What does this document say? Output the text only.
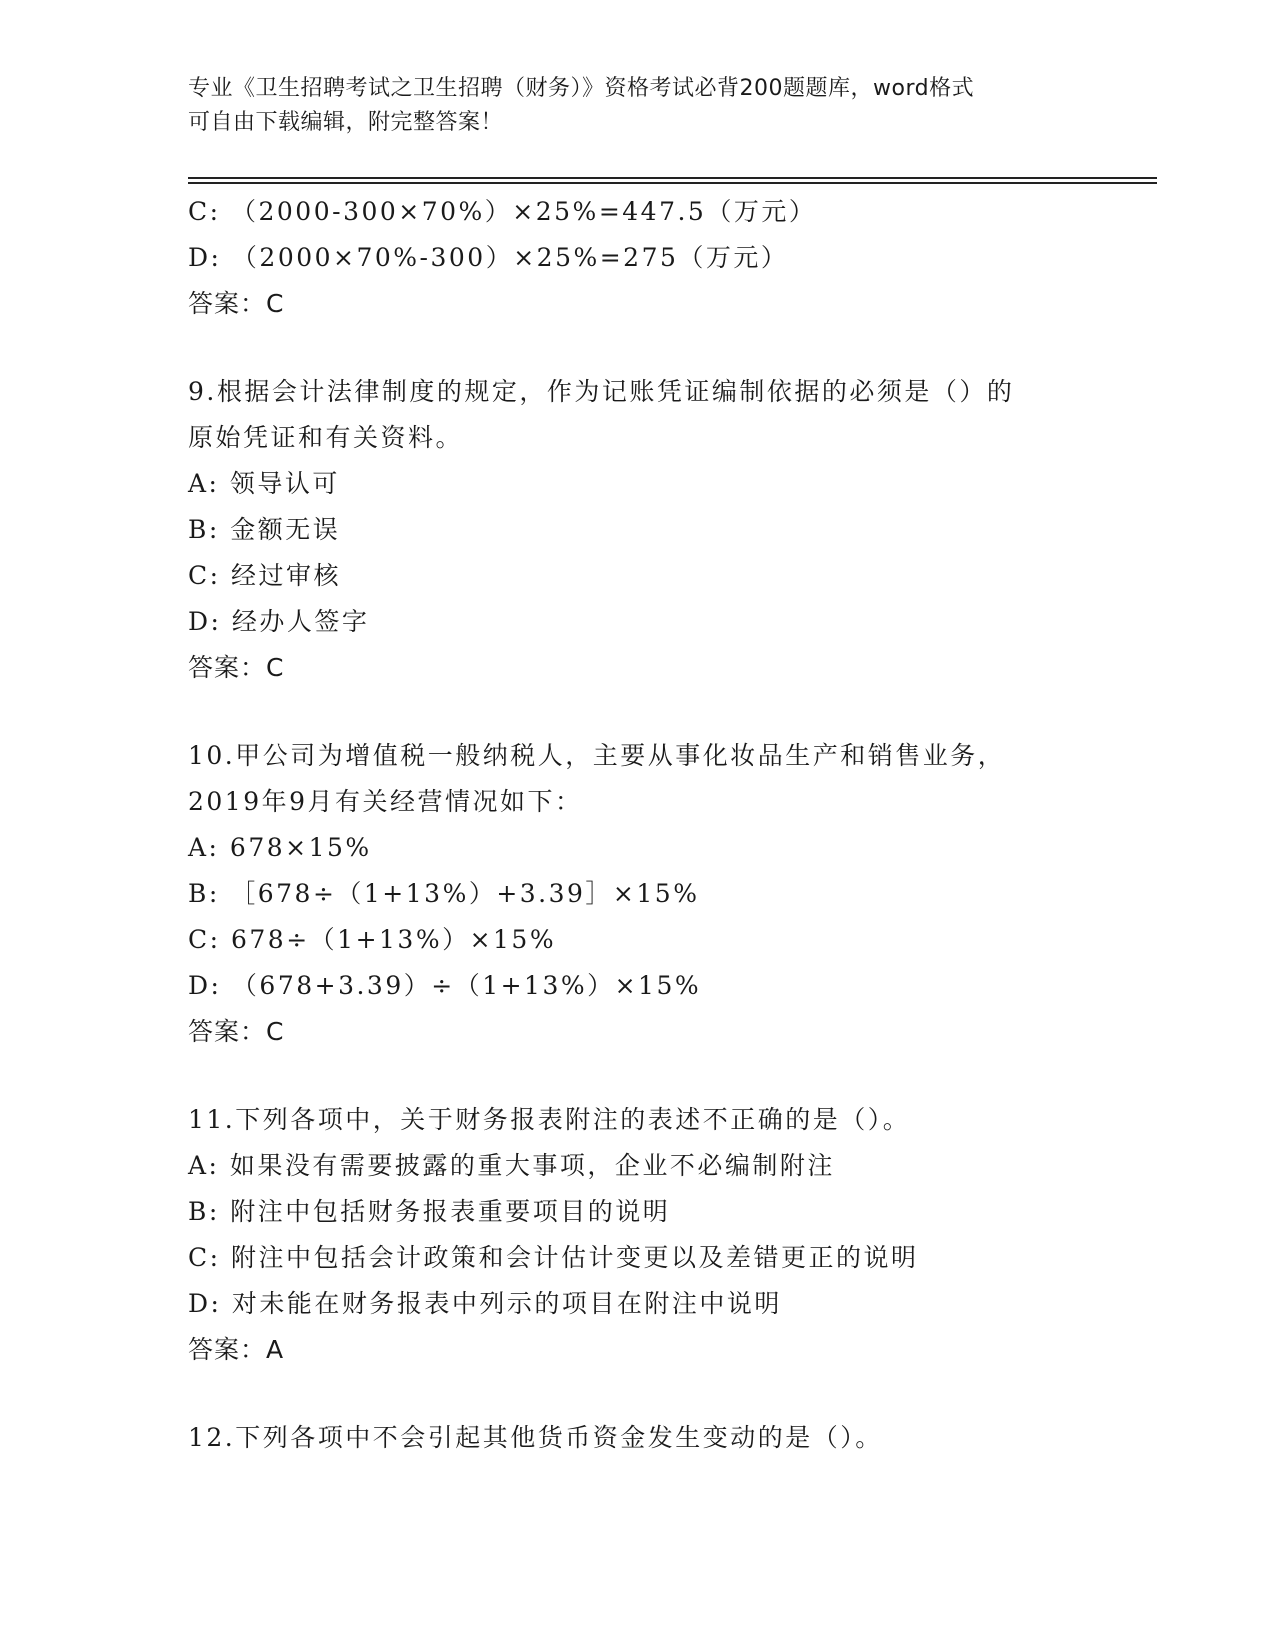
专业《卫生招聘考试之卫生招聘（财务）》资格考试必背200题题库，word格式
可自由下载编辑，附完整答案！
C: （2000-300×70%）×25%=447.5（万元）
D: （2000×70%-300）×25%=275（万元）
答案：C
9.根据会计法律制度的规定，作为记账凭证编制依据的必须是（）的
原始凭证和有关资料。
A: 领导认可
B: 金额无误
C: 经过审核
D: 经办人签字
答案：C
10.甲公司为增值税一般纳税人，主要从事化妆品生产和销售业务，
2019年9月有关经营情况如下：
A: 678×15%
B: ［678÷（1+13%）+3.39］×15%
C: 678÷（1+13%）×15%
D: （678+3.39）÷（1+13%）×15%
答案：C
11.下列各项中，关于财务报表附注的表述不正确的是（）。
A: 如果没有需要披露的重大事项，企业不必编制附注
B: 附注中包括财务报表重要项目的说明
C: 附注中包括会计政策和会计估计变更以及差错更正的说明
D: 对未能在财务报表中列示的项目在附注中说明
答案：A
12.下列各项中不会引起其他货币资金发生变动的是（）。
